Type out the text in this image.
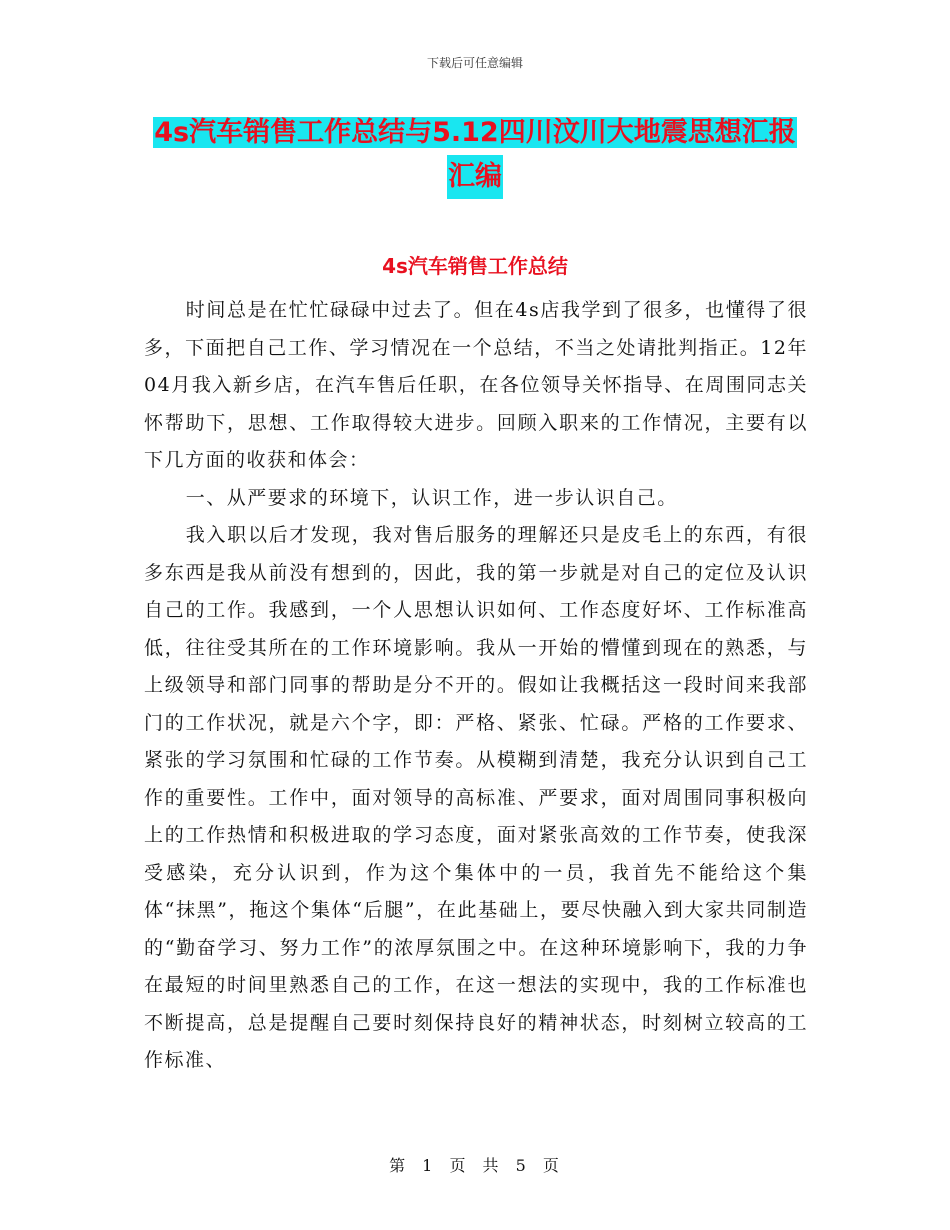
下载后可任意编辑
4s汽车销售工作总结与5.12四川汶川大地震思想汇报
汇编
4s汽车销售工作总结

时间总是在忙忙碌碌中过去了。但在4s店我学到了很多，也懂得了很多，下面把自己工作、学习情况在一个总结，不当之处请批判指正。12年04月我入新乡店，在汽车售后任职，在各位领导关怀指导、在周围同志关怀帮助下，思想、工作取得较大进步。回顾入职来的工作情况，主要有以下几方面的收获和体会：

一、从严要求的环境下，认识工作，进一步认识自己。

我入职以后才发现，我对售后服务的理解还只是皮毛上的东西，有很多东西是我从前没有想到的，因此，我的第一步就是对自己的定位及认识自己的工作。我感到，一个人思想认识如何、工作态度好坏、工作标准高低，往往受其所在的工作环境影响。我从一开始的懵懂到现在的熟悉，与上级领导和部门同事的帮助是分不开的。假如让我概括这一段时间来我部门的工作状况，就是六个字，即：严格、紧张、忙碌。严格的工作要求、紧张的学习氛围和忙碌的工作节奏。从模糊到清楚，我充分认识到自己工作的重要性。工作中，面对领导的高标准、严要求，面对周围同事积极向上的工作热情和积极进取的学习态度，面对紧张高效的工作节奏，使我深受感染，充分认识到，作为这个集体中的一员，我首先不能给这个集体“抹黑”，拖这个集体“后腿”，在此基础上，要尽快融入到大家共同制造的“勤奋学习、努力工作”的浓厚氛围之中。在这种环境影响下，我的力争在最短的时间里熟悉自己的工作，在这一想法的实现中，我的工作标准也不断提高，总是提醒自己要时刻保持良好的精神状态，时刻树立较高的工作标准、

第 1 页 共 5 页
